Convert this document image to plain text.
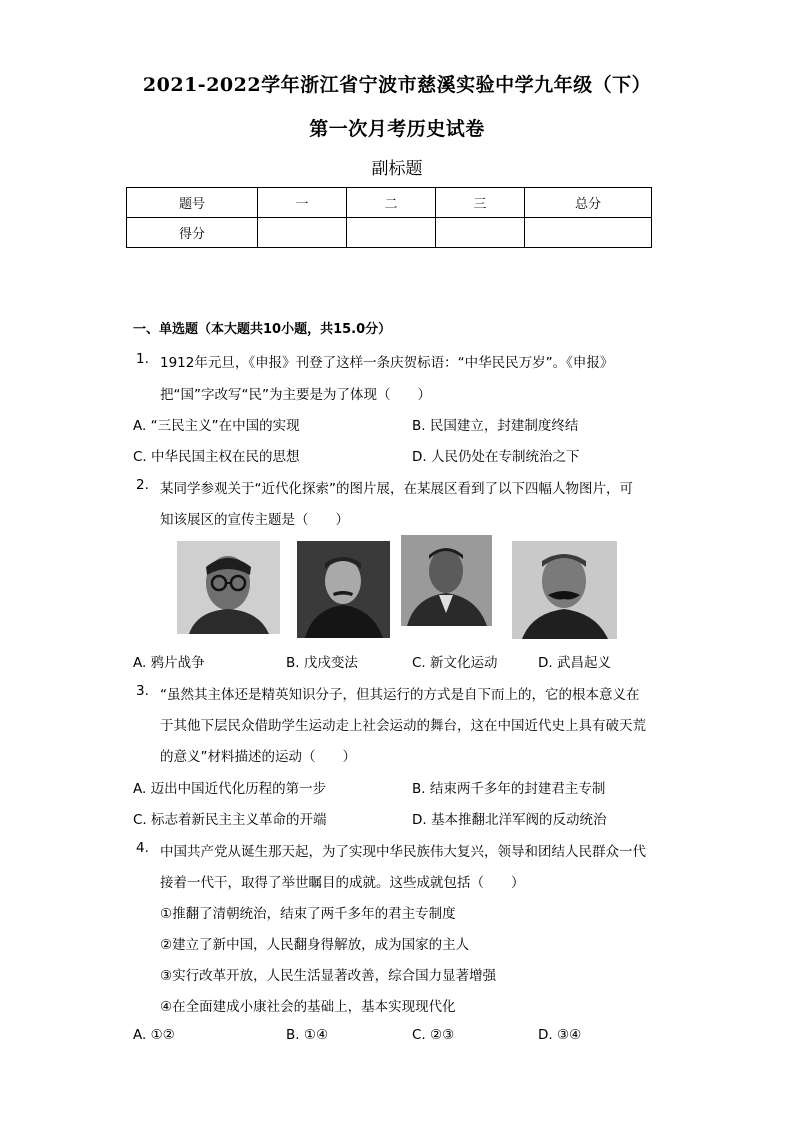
2021-2022学年浙江省宁波市慈溪实验中学九年级（下）
第一次月考历史试卷
副标题
题号	一	二	三	总分
得分				
一、单选题（本大题共10小题，共15.0分）
1. 1912年元旦，《申报》刊登了这样一条庆贺标语：“中华民民万岁”。《申报》
把“国”字改写“民”为主要是为了体现（　　）
A. “三民主义”在中国的实现	B. 民国建立，封建制度终结
C. 中华民国主权在民的思想	D. 人民仍处在专制统治之下
2. 某同学参观关于“近代化探索”的图片展，在某展区看到了以下四幅人物图片，可
知该展区的宣传主题是（　　）
A. 鸦片战争	B. 戊戌变法	C. 新文化运动	D. 武昌起义
3. “虽然其主体还是精英知识分子，但其运行的方式是自下而上的，它的根本意义在
于其他下层民众借助学生运动走上社会运动的舞台，这在中国近代史上具有破天荒
的意义”材料描述的运动（　　）
A. 迈出中国近代化历程的第一步	B. 结束两千多年的封建君主专制
C. 标志着新民主主义革命的开端	D. 基本推翻北洋军阀的反动统治
4. 中国共产党从诞生那天起，为了实现中华民族伟大复兴，领导和团结人民群众一代
接着一代干，取得了举世瞩目的成就。这些成就包括（　　）
①推翻了清朝统治，结束了两千多年的君主专制度
②建立了新中国，人民翻身得解放，成为国家的主人
③实行改革开放，人民生活显著改善，综合国力显著增强
④在全面建成小康社会的基础上，基本实现现代化
A. ①②	B. ①④	C. ②③	D. ③④
